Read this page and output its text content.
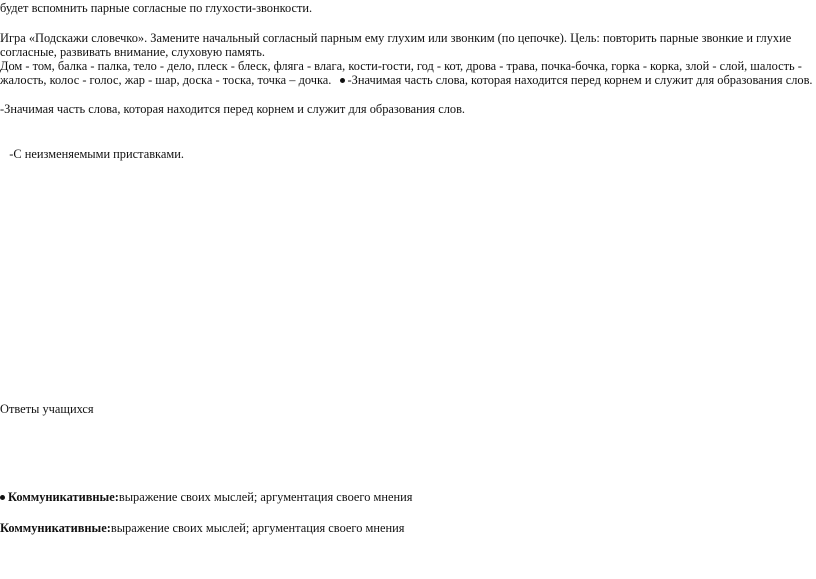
будет вспомнить парные согласные по глухости-звонкости.
Игра «Подскажи словечко». Замените начальный согласный парным ему глухим или звонким (по цепочке). Цель: повторить парные звонкие и глухие
согласные, развивать внимание, слуховую память.
Дом - том, балка - палка, тело - дело, плеск - блеск, фляга - влага, кости-гости, год - кот, дрова - трава, почка-бочка, горка - корка, злой - слой, шалость -
жалость, колос - голос, жар - шар, доска - тоска, точка – дочка. -Значимая часть слова, которая находится перед корнем и служит для образования слов.
-Значимая часть слова, которая находится перед корнем и служит для образования слов.

-С неизменяемыми приставками.

Ответы учащихся
Коммуникативные:выражение своих мыслей; аргументация своего мнения
Коммуникативные:выражение своих мыслей; аргументация своего мнения
